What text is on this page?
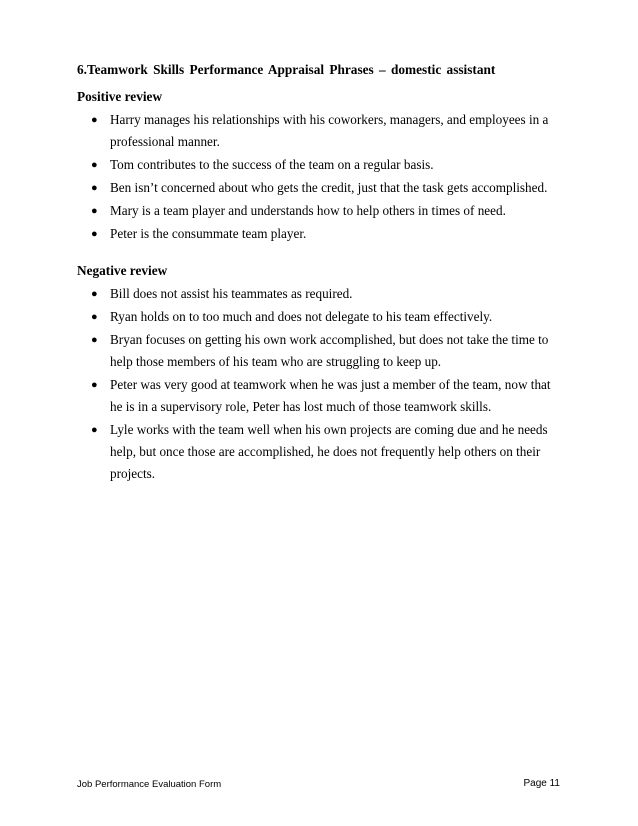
6.Teamwork Skills Performance Appraisal Phrases – domestic assistant
Positive review
● Harry manages his relationships with his coworkers, managers, and employees in a professional manner.
● Tom contributes to the success of the team on a regular basis.
● Ben isn’t concerned about who gets the credit, just that the task gets accomplished.
● Mary is a team player and understands how to help others in times of need.
● Peter is the consummate team player.
Negative review
● Bill does not assist his teammates as required.
● Ryan holds on to too much and does not delegate to his team effectively.
● Bryan focuses on getting his own work accomplished, but does not take the time to help those members of his team who are struggling to keep up.
● Peter was very good at teamwork when he was just a member of the team, now that he is in a supervisory role, Peter has lost much of those teamwork skills.
● Lyle works with the team well when his own projects are coming due and he needs help, but once those are accomplished, he does not frequently help others on their projects.
Job Performance Evaluation Form	Page 11
